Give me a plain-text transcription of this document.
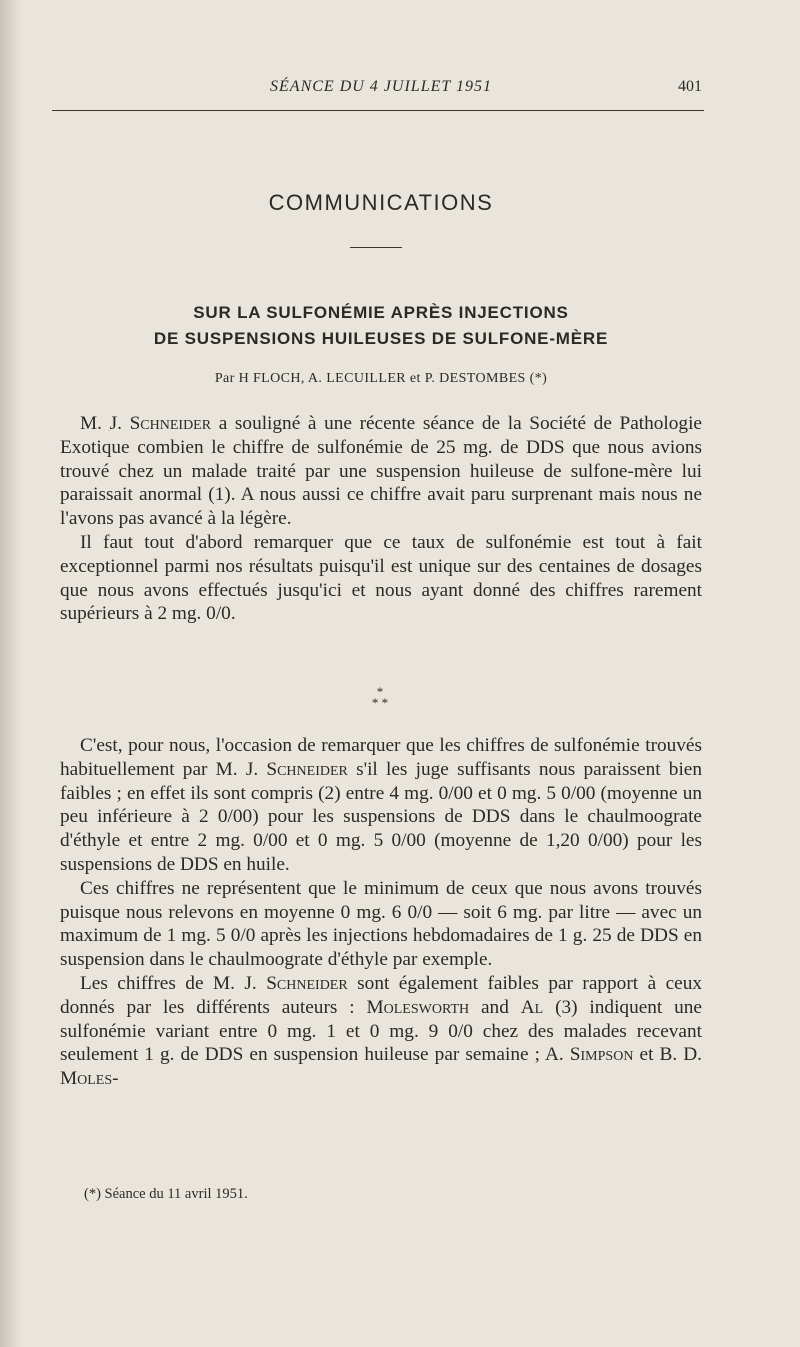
SÉANCE DU 4 JUILLET 1951	401
COMMUNICATIONS
SUR LA SULFONÉMIE APRÈS INJECTIONS
DE SUSPENSIONS HUILEUSES DE SULFONE-MÈRE
Par H FLOCH, A. LECUILLER et P. DESTOMBES (*)

M. J. Schneider a souligné à une récente séance de la Société de Pathologie Exotique combien le chiffre de sulfonémie de 25 mg. de DDS que nous avions trouvé chez un malade traité par une suspension huileuse de sulfone-mère lui paraissait anormal (1). A nous aussi ce chiffre avait paru surprenant mais nous ne l'avons pas avancé à la légère.

Il faut tout d'abord remarquer que ce taux de sulfonémie est tout à fait exceptionnel parmi nos résultats puisqu'il est unique sur des centaines de dosages que nous avons effectués jusqu'ici et nous ayant donné des chiffres rarement supérieurs à 2 mg. 0/0.

*
* *

C'est, pour nous, l'occasion de remarquer que les chiffres de sulfonémie trouvés habituellement par M. J. Schneider s'il les juge suffisants nous paraissent bien faibles ; en effet ils sont compris (2) entre 4 mg. 0/00 et 0 mg. 5 0/00 (moyenne un peu inférieure à 2 0/00) pour les suspensions de DDS dans le chaulmoograte d'éthyle et entre 2 mg. 0/00 et 0 mg. 5 0/00 (moyenne de 1,20 0/00) pour les suspensions de DDS en huile.

Ces chiffres ne représentent que le minimum de ceux que nous avons trouvés puisque nous relevons en moyenne 0 mg. 6 0/0 — soit 6 mg. par litre — avec un maximum de 1 mg. 5 0/0 après les injections hebdomadaires de 1 g. 25 de DDS en suspension dans le chaulmoograte d'éthyle par exemple.

Les chiffres de M. J. Schneider sont également faibles par rapport à ceux donnés par les différents auteurs : Molesworth and Al (3) indiquent une sulfonémie variant entre 0 mg. 1 et 0 mg. 9 0/0 chez des malades recevant seulement 1 g. de DDS en suspension huileuse par semaine ; A. Simpson et B. D. Moles-

(*) Séance du 11 avril 1951.
